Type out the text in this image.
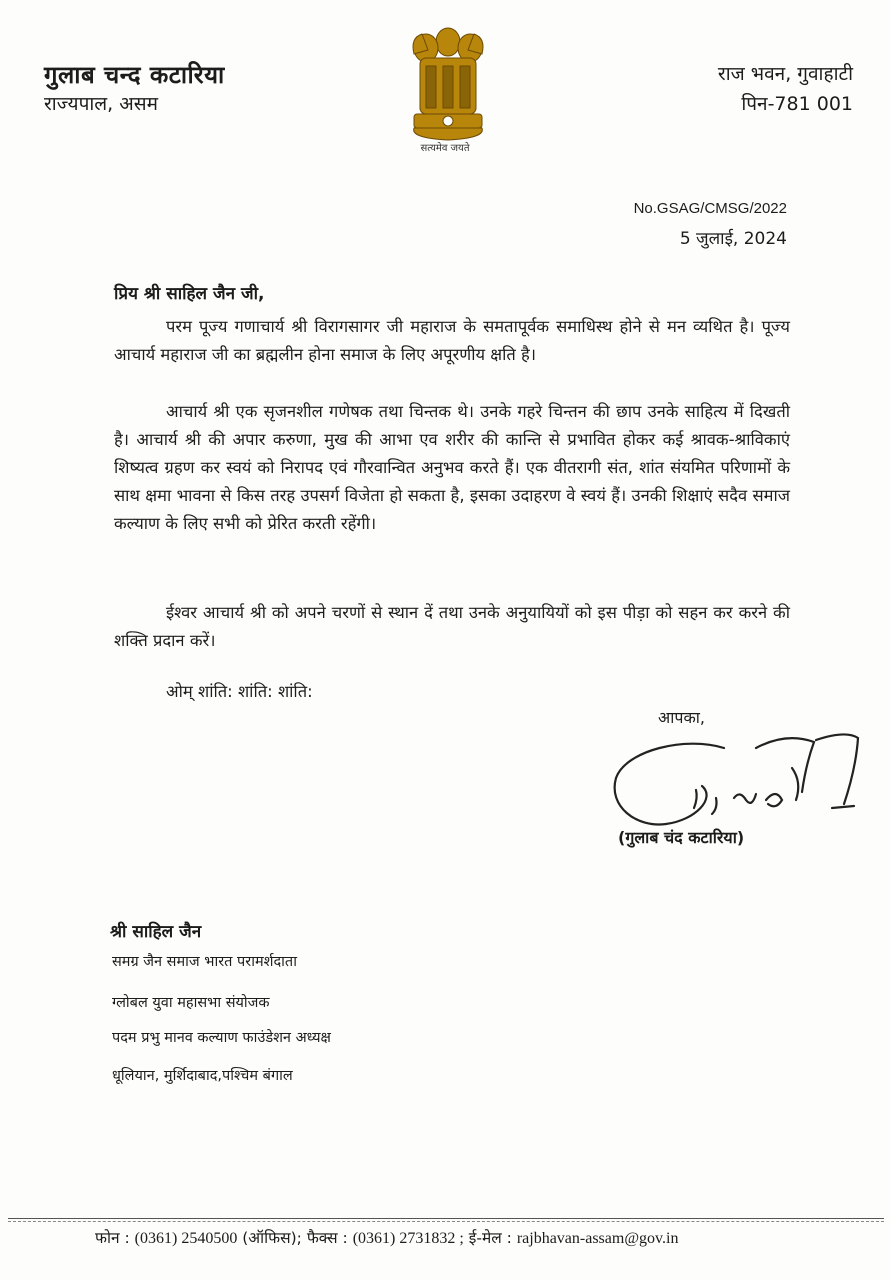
गुलाब चन्द कटारिया
राज्यपाल, असम
सत्यमेव जयते
राज भवन, गुवाहाटी
पिन-781 001
No.GSAG/CMSG/2022
5 जुलाई, 2024
प्रिय श्री साहिल जैन जी,

परम पूज्य गणाचार्य श्री विरागसागर जी महाराज के समतापूर्वक समाधिस्थ होने से मन व्यथित है। पूज्य आचार्य महाराज जी का ब्रह्मलीन होना समाज के लिए अपूरणीय क्षति है।

आचार्य श्री एक सृजनशील गणेषक तथा चिन्तक थे। उनके गहरे चिन्तन की छाप उनके साहित्य में दिखती है। आचार्य श्री की अपार करुणा, मुख की आभा एव शरीर की कान्ति से प्रभावित होकर कई श्रावक-श्राविकाएं शिष्यत्व ग्रहण कर स्वयं को निरापद एवं गौरवान्वित अनुभव करते हैं। एक वीतरागी संत, शांत संयमित परिणामों के साथ क्षमा भावना से किस तरह उपसर्ग विजेता हो सकता है, इसका उदाहरण वे स्वयं हैं। उनकी शिक्षाएं सदैव समाज कल्याण के लिए सभी को प्रेरित करती रहेंगी।

ईश्वर आचार्य श्री को अपने चरणों से स्थान दें तथा उनके अनुयायियों को इस पीड़ा को सहन कर करने की शक्ति प्रदान करें।

ओम् शांति: शांति: शांति:
आपका,
(गुलाब चंद कटारिया)
श्री साहिल जैन
समग्र जैन समाज भारत परामर्शदाता
ग्लोबल युवा महासभा संयोजक
पदम प्रभु मानव कल्याण फाउंडेशन अध्यक्ष
धूलियान, मुर्शिदाबाद,पश्चिम बंगाल
फोन : (0361) 2540500 (ऑफिस); फैक्स : (0361) 2731832 ; ई-मेल : rajbhavan-assam@gov.in
